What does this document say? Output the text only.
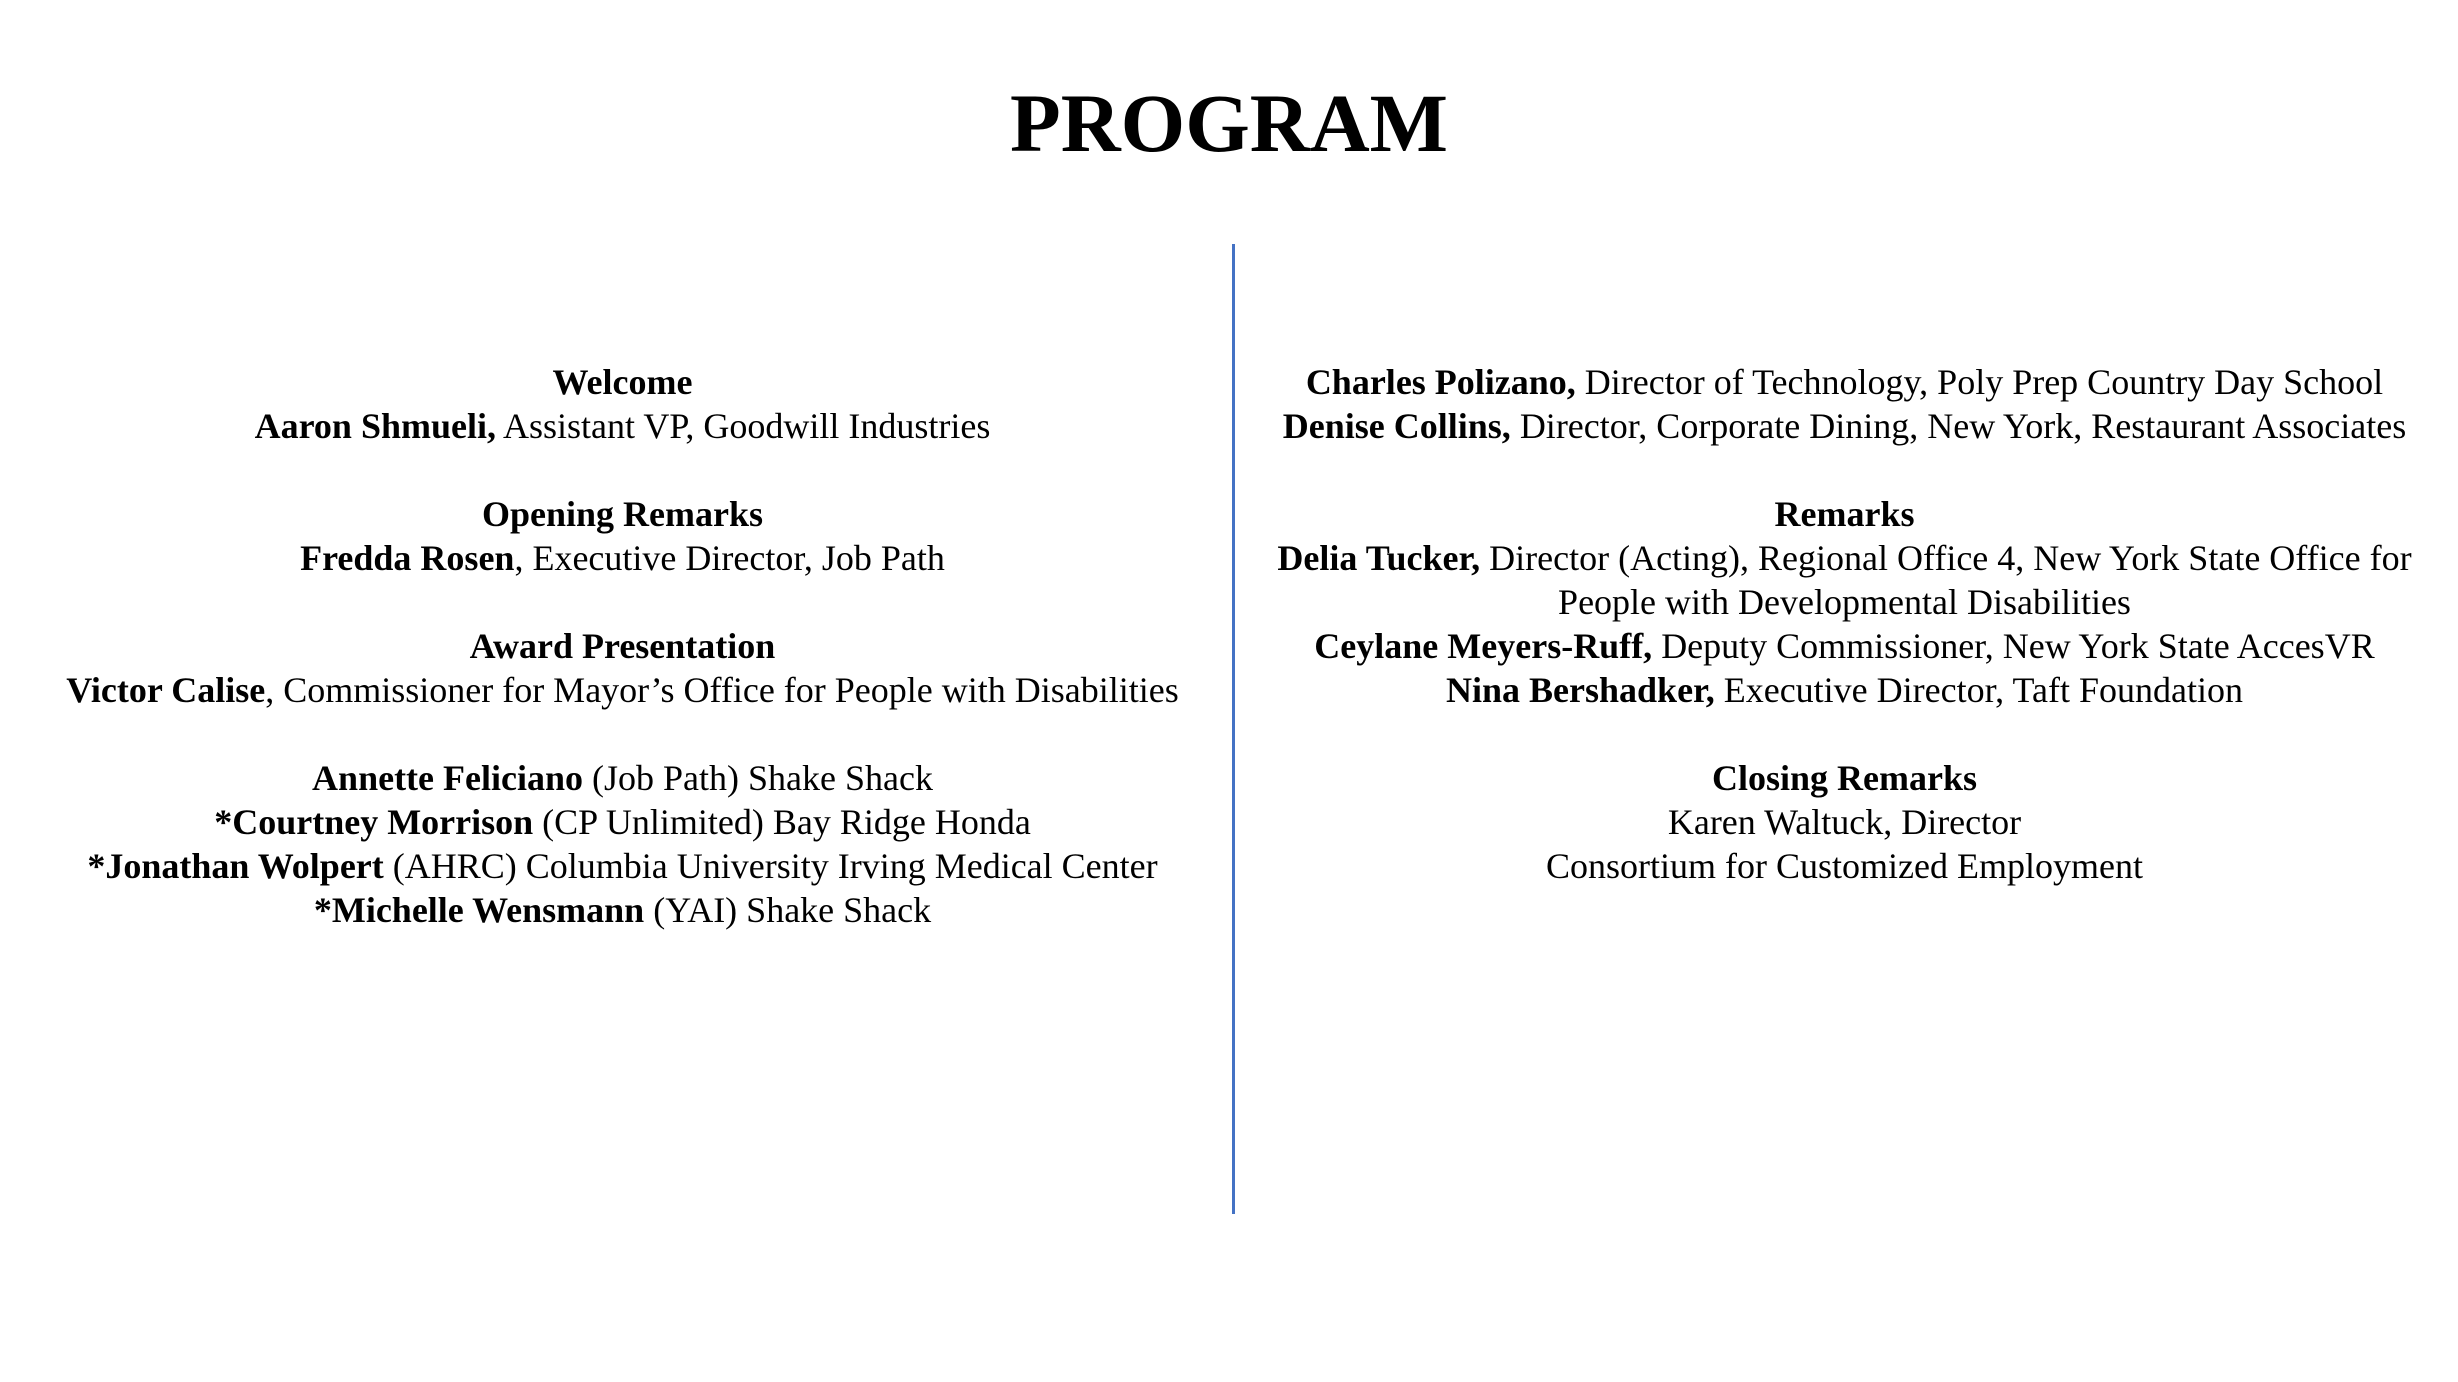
PROGRAM
Welcome

Aaron Shmueli, Assistant VP, Goodwill Industries

Opening Remarks

Fredda Rosen, Executive Director, Job Path

Award Presentation

Victor Calise, Commissioner for Mayor’s Office for People with Disabilities

Annette Feliciano (Job Path) Shake Shack

*Courtney Morrison (CP Unlimited) Bay Ridge Honda

*Jonathan Wolpert (AHRC) Columbia University Irving Medical Center

*Michelle Wensmann (YAI) Shake Shack

Charles Polizano, Director of Technology, Poly Prep Country Day School

Denise Collins, Director, Corporate Dining, New York, Restaurant Associates

Remarks

Delia Tucker, Director (Acting), Regional Office 4, New York State Office for People with Developmental Disabilities

Ceylane Meyers-Ruff, Deputy Commissioner, New York State AccesVR

Nina Bershadker, Executive Director, Taft Foundation

Closing Remarks

Karen Waltuck, Director

Consortium for Customized Employment
